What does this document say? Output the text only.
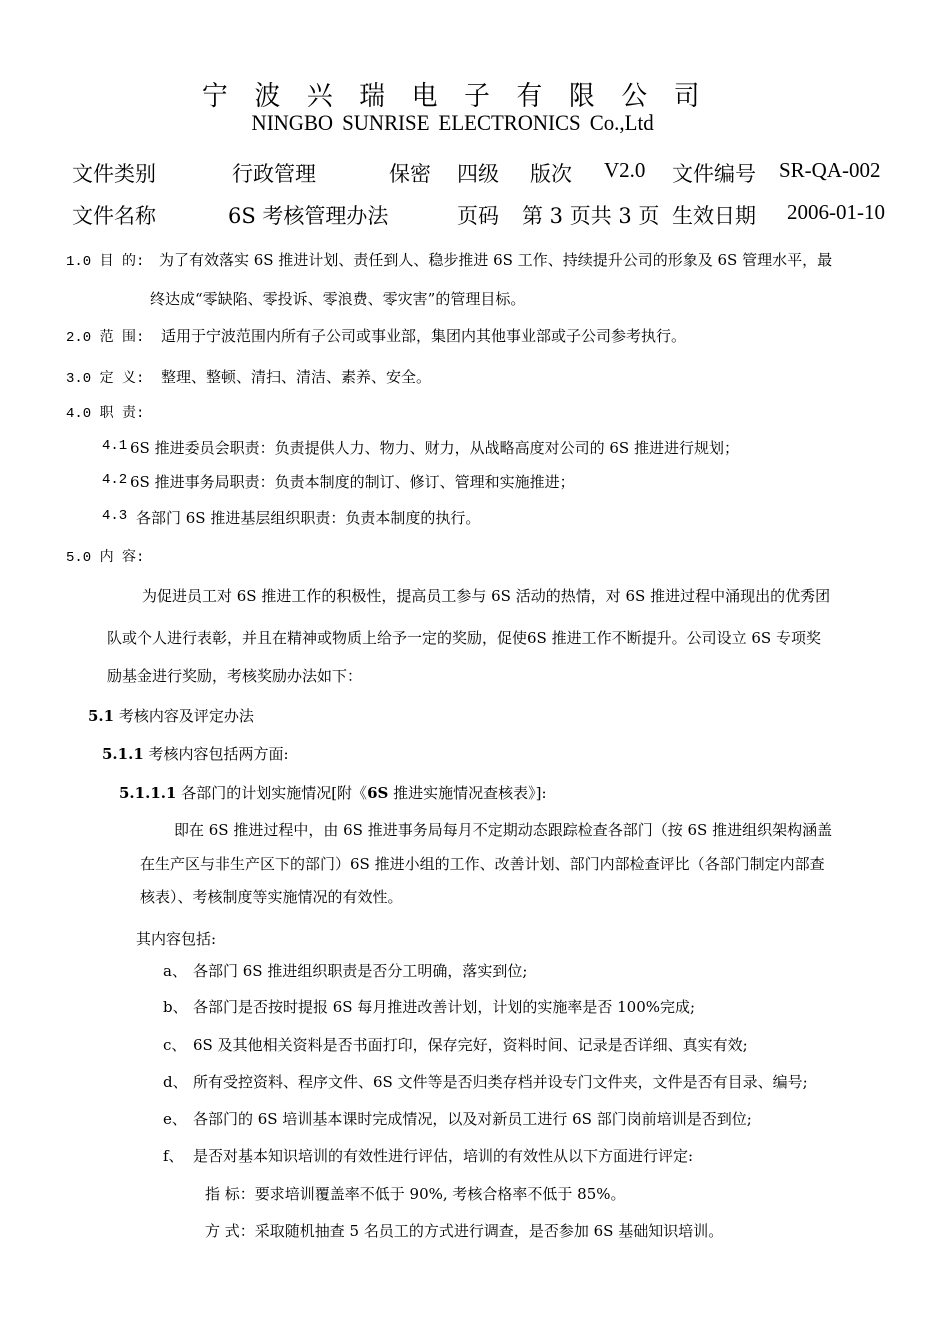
宁波兴瑞电子有限公司
NINGBO SUNRISE ELECTRONICS Co.,Ltd
文件类别	行政管理	保密 四级 版次 V2.0 文件编号 SR-QA-002
文件名称	6S 考核管理办法	页码 第 3 页共 3 页 生效日期 2006-01-10
1.0 目 的: 为了有效落实 6S 推进计划、责任到人、稳步推进 6S 工作、持续提升公司的形象及 6S 管理水平，最
终达成“零缺陷、零投诉、零浪费、零灾害”的管理目标。
2.0 范 围: 适用于宁波范围内所有子公司或事业部，集团内其他事业部或子公司参考执行。
3.0 定 义: 整理、整顿、清扫、清洁、素养、安全。
4.0 职 责:
4.1 6S 推进委员会职责：负责提供人力、物力、财力，从战略高度对公司的 6S 推进进行规划；
4.2 6S 推进事务局职责：负责本制度的制订、修订、管理和实施推进；
4.3 各部门 6S 推进基层组织职责：负责本制度的执行。
5.0 内 容:
为促进员工对 6S 推进工作的积极性，提高员工参与 6S 活动的热情，对 6S 推进过程中涌现出的优秀团
队或个人进行表彰，并且在精神或物质上给予一定的奖励，促使6S 推进工作不断提升。公司设立 6S 专项奖
励基金进行奖励，考核奖励办法如下：
5.1 考核内容及评定办法
5.1.1 考核内容包括两方面:
5.1.1.1 各部门的计划实施情况[附《6S 推进实施情况查核表》]:
即在 6S 推进过程中，由 6S 推进事务局每月不定期动态跟踪检查各部门（按 6S 推进组织架构涵盖
在生产区与非生产区下的部门）6S 推进小组的工作、改善计划、部门内部检查评比（各部门制定内部查
核表）、考核制度等实施情况的有效性。
其内容包括:
a、 各部门 6S 推进组织职责是否分工明确，落实到位;
b、 各部门是否按时提报 6S 每月推进改善计划，计划的实施率是否 100%完成;
c、 6S 及其他相关资料是否书面打印，保存完好，资料时间、记录是否详细、真实有效;
d、 所有受控资料、程序文件、6S 文件等是否归类存档并设专门文件夹，文件是否有目录、编号;
e、 各部门的 6S 培训基本课时完成情况，以及对新员工进行 6S 部门岗前培训是否到位;
f、 是否对基本知识培训的有效性进行评估，培训的有效性从以下方面进行评定:
指 标：要求培训覆盖率不低于 90%, 考核合格率不低于 85%。
方 式：采取随机抽查 5 名员工的方式进行调查，是否参加 6S 基础知识培训。
